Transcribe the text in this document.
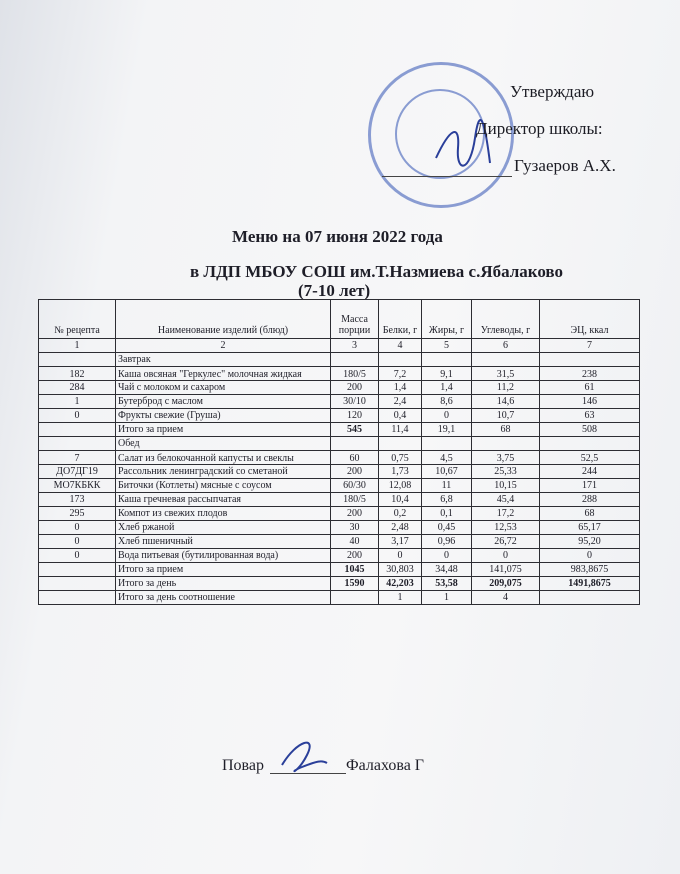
Утверждаю
Директор школы:
Гузаеров А.Х.
Меню на 07 июня 2022 года
в ЛДП МБОУ СОШ им.Т.Назмиева с.Ябалаково
(7-10 лет)
№ рецепта	Наименование изделий (блюд)	Масса порции	Белки, г	Жиры, г	Углеводы, г	ЭЦ, ккал
1	2	3	4	5	6	7
	Завтрак					
182	Каша овсяная "Геркулес" молочная жидкая	180/5	7,2	9,1	31,5	238
284	Чай с молоком и сахаром	200	1,4	1,4	11,2	61
1	Бутерброд с маслом	30/10	2,4	8,6	14,6	146
0	Фрукты свежие (Груша)	120	0,4	0	10,7	63
	Итого за прием	545	11,4	19,1	68	508
	Обед					
7	Салат из белокочанной капусты и свеклы	60	0,75	4,5	3,75	52,5
ДО7ДГ19	Рассольник ленинградский со сметаной	200	1,73	10,67	25,33	244
МО7КБКК	Биточки (Котлеты) мясные с соусом	60/30	12,08	11	10,15	171
173	Каша гречневая рассыпчатая	180/5	10,4	6,8	45,4	288
295	Компот из свежих плодов	200	0,2	0,1	17,2	68
0	Хлеб ржаной	30	2,48	0,45	12,53	65,17
0	Хлеб пшеничный	40	3,17	0,96	26,72	95,20
0	Вода питьевая (бутилированная вода)	200	0	0	0	0
	Итого за прием	1045	30,803	34,48	141,075	983,8675
	Итого за день	1590	42,203	53,58	209,075	1491,8675
	Итого за день соотношение		1	1	4	
Повар	Фалахова Г
